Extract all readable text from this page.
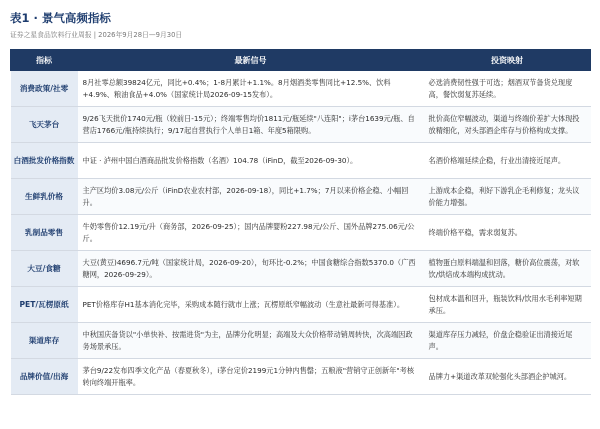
表1 · 景气高频指标
证券之星食品饮料行业周报 | 2026年9月28日—9月30日
指标	最新信号	投资映射
消费政策/社零	8月社零总额39824亿元，同比+0.4%；1-8月累计+1.1%。8月烟酒类零售同比+12.5%、饮料+4.9%、粮油食品+4.0%（国家统计局2026-09-15发布）。	必选消费韧性强于可选；烟酒双节备货兑现度高，餐饮弱复苏延续。
飞天茅台	9/26飞天批价1740元/瓶（较前日-15元）；终端零售均价1811元/瓶延续"八连阳"；i茅台1639元/瓶、自营店1766元/瓶持续执行；9/17起自营执行个人单日1箱、年度5箱限购。	批价高位窄幅波动，渠道与终端价差扩大体现投放精细化，对头部酒企库存与价格构成支撑。
白酒批发价格指数	中证 · 泸州中国白酒商品批发价格指数（名酒）104.78（iFinD，截至2026-09-30）。	名酒价格端延续企稳，行业出清接近尾声。
生鲜乳价格	主产区均价3.08元/公斤（iFinD农业农村部，2026-09-18），同比+1.7%；7月以来价格企稳、小幅回升。	上游成本企稳，利好下游乳企毛利修复；龙头议价能力增强。
乳制品零售	牛奶零售价12.19元/升（商务部，2026-09-25）；国内品牌婴粉227.98元/公斤、国外品牌275.06元/公斤。	终端价格平稳，需求弱复苏。
大豆/食糖	大豆(黄豆)4696.7元/吨（国家统计局，2026-09-20），旬环比-0.2%；中国食糖综合指数5370.0（广西糖网，2026-09-29）。	植物蛋白原料端温和回落，糖价高位震荡，对软饮/烘焙成本端构成扰动。
PET/瓦楞原纸	PET价格库存H1基本消化完毕，采购成本随行就市上涨；瓦楞原纸窄幅波动（生意社最新可得基准）。	包材成本温和回升，瓶装饮料/饮用水毛利率短期承压。
渠道库存	中秋国庆备货以"小单快补、按需进货"为主，品牌分化明显；高端及大众价格带动销周转快，次高端因政务场景承压。	渠道库存压力减轻，价盘企稳验证出清接近尾声。
品牌价值/出海	茅台9/22发布四季文化产品（春夏秋冬），i茅台定价2199元1分钟内售罄；五粮液"营销守正创新年"考核转向终端开瓶率。	品牌力+渠道改革双轮强化头部酒企护城河。
